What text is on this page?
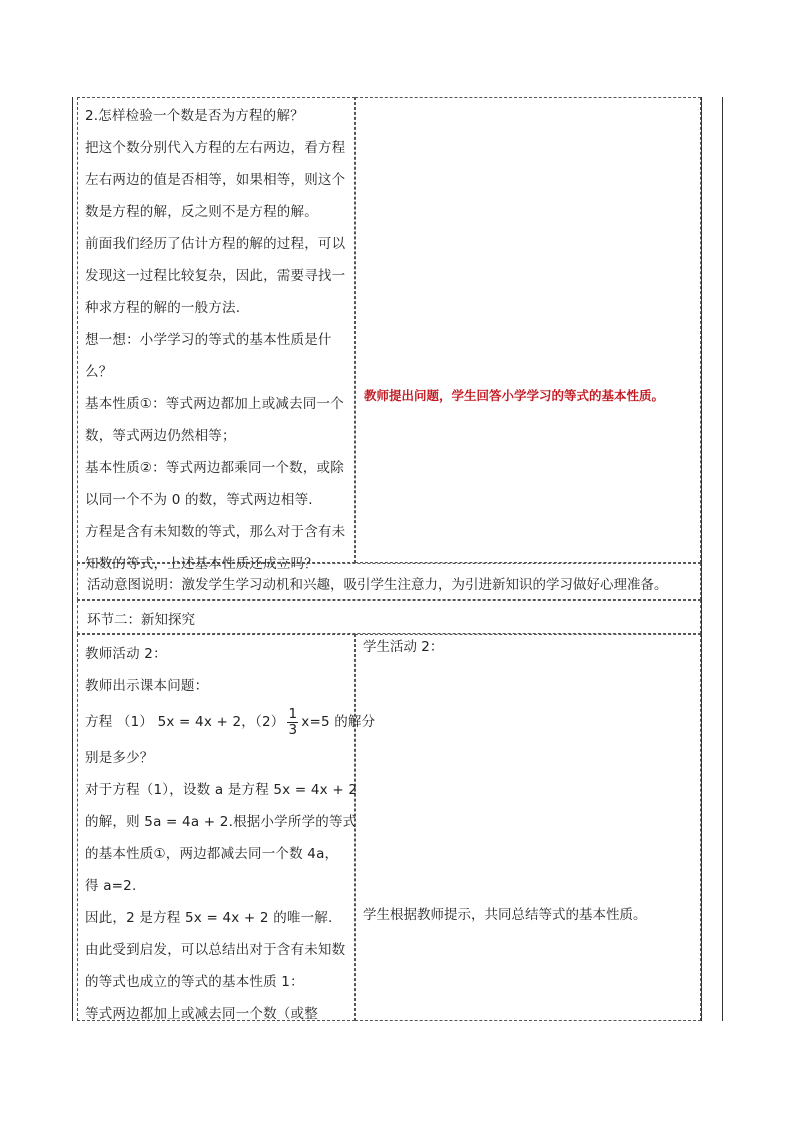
2.怎样检验一个数是否为方程的解？
把这个数分别代入方程的左右两边，看方程
左右两边的值是否相等，如果相等，则这个
数是方程的解，反之则不是方程的解。
前面我们经历了估计方程的解的过程，可以
发现这一过程比较复杂，因此，需要寻找一
种求方程的解的一般方法.
想一想：小学学习的等式的基本性质是什
么？
基本性质①：等式两边都加上或减去同一个
数，等式两边仍然相等；
基本性质②：等式两边都乘同一个数，或除
以同一个不为 0 的数，等式两边相等.
方程是含有未知数的等式，那么对于含有未
知数的等式，上述基本性质还成立吗？
教师提出问题，学生回答小学学习的等式的基本性质。
活动意图说明：激发学生学习动机和兴趣，吸引学生注意力，为引进新知识的学习做好心理准备。
环节二：新知探究
教师活动 2：
教师出示课本问题：
方程 （1） 5x = 4x + 2，$(2) \frac{1}{3} x=5$ 的解分
别是多少？
对于方程（1），设数 a 是方程 5x = 4x + 2
的解，则 5a = 4a + 2.根据小学所学的等式
的基本性质①，两边都减去同一个数 4a，
得 a=2.
因此，2 是方程 5x = 4x + 2 的唯一解.
由此受到启发，可以总结出对于含有未知数
的等式也成立的等式的基本性质 1：
等式两边都加上或减去同一个数（或整
学生活动 2：
学生根据教师提示，共同总结等式的基本性质。
